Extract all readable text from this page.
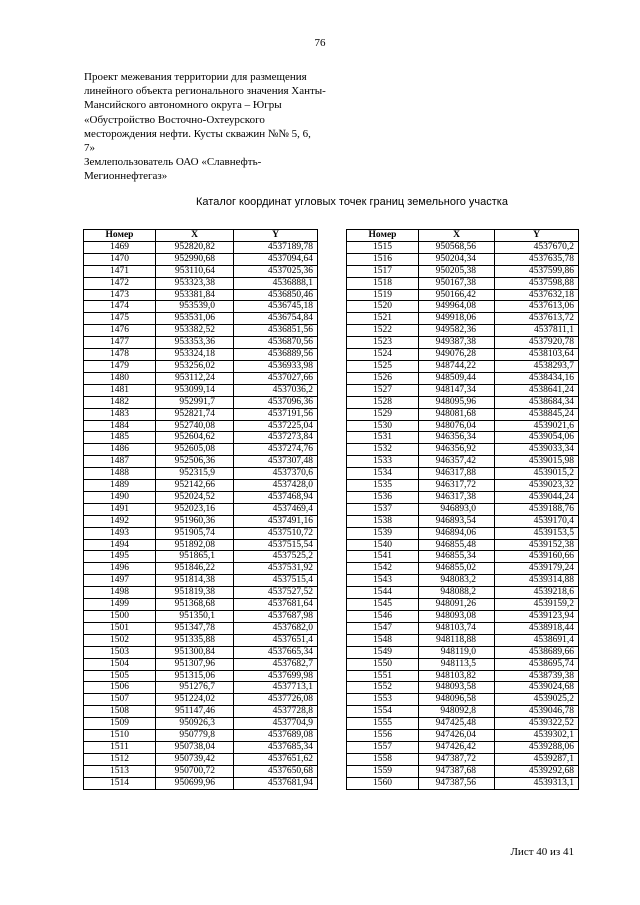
76

Проект межевания территории для размещения

линейного объекта регионального значения Ханты-

Мансийского автономного округа – Югры

«Обустройство Восточно-Охтеурского

месторождения нефти. Кусты скважин №№ 5, 6,

7»

Землепользователь ОАО «Славнефть-

Мегионнефтегаз»

Каталог координат угловых точек границ земельного участка
Номер	X	Y
1469	952820,82	4537189,78
1470	952990,68	4537094,64
1471	953110,64	4537025,36
1472	953323,38	4536888,1
1473	953381,84	4536850,46
1474	953539,0	4536745,18
1475	953531,06	4536754,84
1476	953382,52	4536851,56
1477	953353,36	4536870,56
1478	953324,18	4536889,56
1479	953256,02	4536933,98
1480	953112,24	4537027,66
1481	953099,14	4537036,2
1482	952991,7	4537096,36
1483	952821,74	4537191,56
1484	952740,08	4537225,04
1485	952604,62	4537273,84
1486	952605,08	4537274,76
1487	952506,36	4537307,48
1488	952315,9	4537370,6
1489	952142,66	4537428,0
1490	952024,52	4537468,94
1491	952023,16	4537469,4
1492	951960,36	4537491,16
1493	951905,74	4537510,72
1494	951892,08	4537515,54
1495	951865,1	4537525,2
1496	951846,22	4537531,92
1497	951814,38	4537515,4
1498	951819,38	4537527,52
1499	951368,68	4537681,64
1500	951350,1	4537687,98
1501	951347,78	4537682,0
1502	951335,88	4537651,4
1503	951300,84	4537665,34
1504	951307,96	4537682,7
1505	951315,06	4537699,98
1506	951276,7	4537713,1
1507	951224,02	4537726,08
1508	951147,46	4537728,8
1509	950926,3	4537704,9
1510	950779,8	4537689,08
1511	950738,04	4537685,34
1512	950739,42	4537651,62
1513	950700,72	4537650,68
1514	950699,96	4537681,94
Номер	X	Y
1515	950568,56	4537670,2
1516	950204,34	4537635,78
1517	950205,38	4537599,86
1518	950167,38	4537598,88
1519	950166,42	4537632,18
1520	949964,08	4537613,06
1521	949918,06	4537613,72
1522	949582,36	4537811,1
1523	949387,38	4537920,78
1524	949076,28	4538103,64
1525	948744,22	4538293,7
1526	948509,44	4538434,16
1527	948147,34	4538641,24
1528	948095,96	4538684,34
1529	948081,68	4538845,24
1530	948076,04	4539021,6
1531	946356,34	4539054,06
1532	946356,92	4539033,34
1533	946357,42	4539015,98
1534	946317,88	4539015,2
1535	946317,72	4539023,32
1536	946317,38	4539044,24
1537	946893,0	4539188,76
1538	946893,54	4539170,4
1539	946894,06	4539153,5
1540	946855,48	4539152,38
1541	946855,34	4539160,66
1542	946855,02	4539179,24
1543	948083,2	4539314,88
1544	948088,2	4539218,6
1545	948091,26	4539159,2
1546	948093,08	4539123,94
1547	948103,74	4538918,44
1548	948118,88	4538691,4
1549	948119,0	4538689,66
1550	948113,5	4538695,74
1551	948103,82	4538739,38
1552	948093,58	4539024,68
1553	948096,58	4539025,2
1554	948092,8	4539046,78
1555	947425,48	4539322,52
1556	947426,04	4539302,1
1557	947426,42	4539288,06
1558	947387,72	4539287,1
1559	947387,68	4539292,68
1560	947387,56	4539313,1
Лист 40 из 41
